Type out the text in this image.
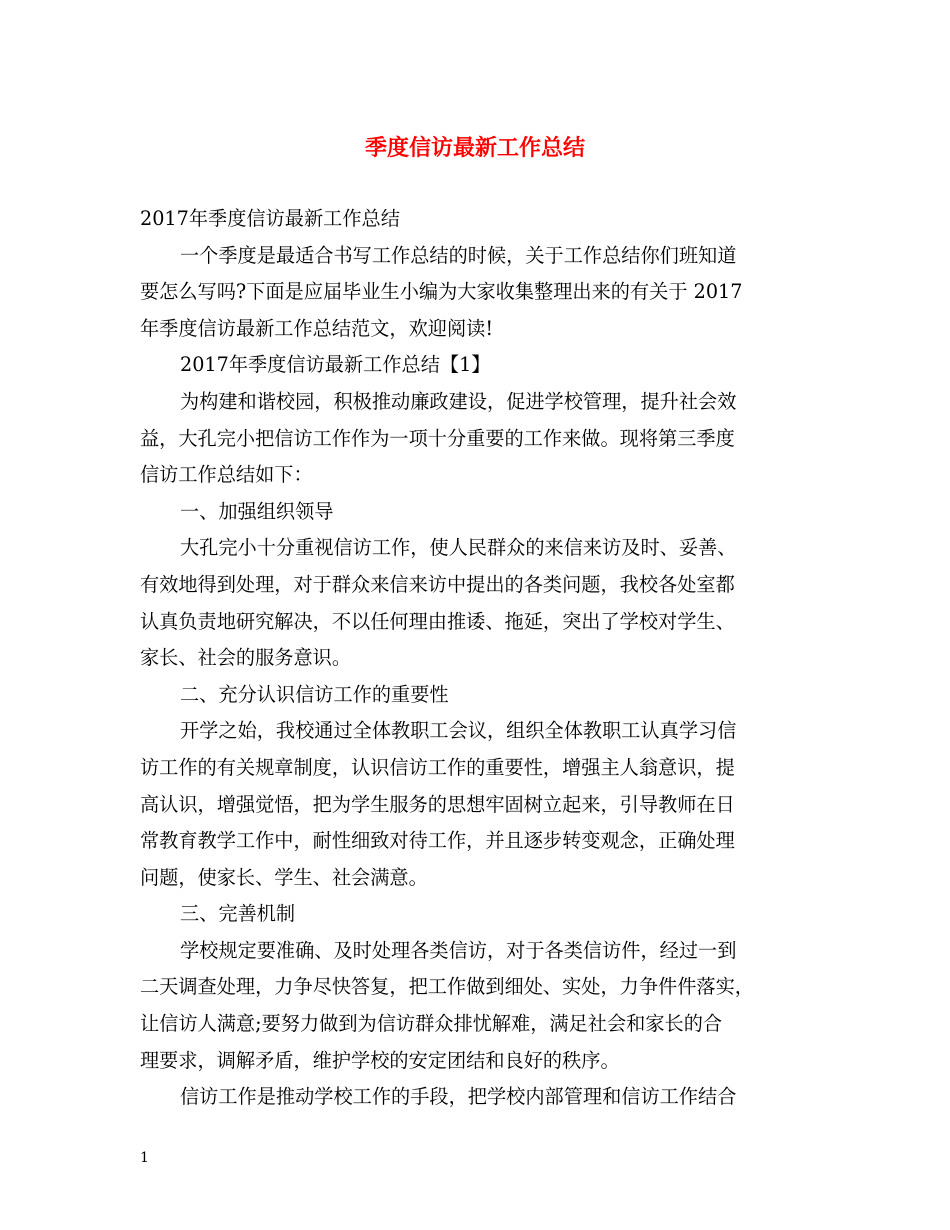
季度信访最新工作总结
2017年季度信访最新工作总结
一个季度是最适合书写工作总结的时候，关于工作总结你们班知道
要怎么写吗?下面是应届毕业生小编为大家收集整理出来的有关于 2017
年季度信访最新工作总结范文，欢迎阅读!
2017年季度信访最新工作总结【1】
为构建和谐校园，积极推动廉政建设，促进学校管理，提升社会效
益，大孔完小把信访工作作为一项十分重要的工作来做。现将第三季度
信访工作总结如下：
一、加强组织领导
大孔完小十分重视信访工作，使人民群众的来信来访及时、妥善、
有效地得到处理，对于群众来信来访中提出的各类问题，我校各处室都
认真负责地研究解决，不以任何理由推诿、拖延，突出了学校对学生、
家长、社会的服务意识。
二、充分认识信访工作的重要性
开学之始，我校通过全体教职工会议，组织全体教职工认真学习信
访工作的有关规章制度，认识信访工作的重要性，增强主人翁意识，提
高认识，增强觉悟，把为学生服务的思想牢固树立起来，引导教师在日
常教育教学工作中，耐性细致对待工作，并且逐步转变观念，正确处理
问题，使家长、学生、社会满意。
三、完善机制
学校规定要准确、及时处理各类信访，对于各类信访件，经过一到
二天调查处理，力争尽快答复，把工作做到细处、实处，力争件件落实，
让信访人满意;要努力做到为信访群众排忧解难，满足社会和家长的合
理要求，调解矛盾，维护学校的安定团结和良好的秩序。
信访工作是推动学校工作的手段，把学校内部管理和信访工作结合
1
